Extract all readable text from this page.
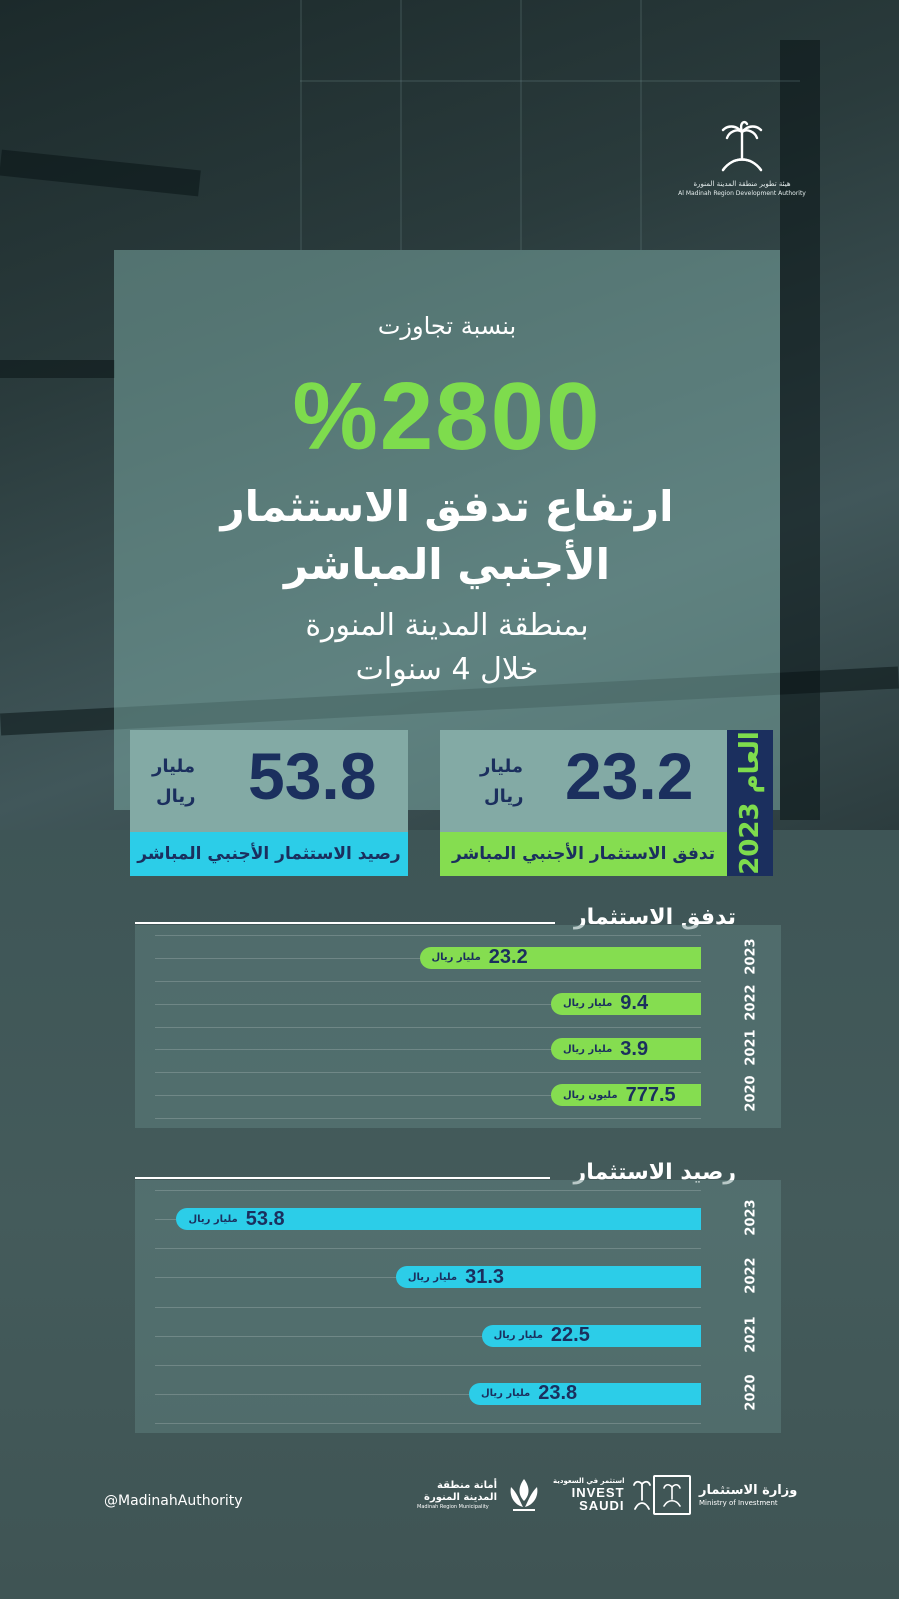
هيئة تطوير منطقة المدينة المنورة
Al Madinah Region Development Authority
بنسبة تجاوزت
%2800
ارتفاع تدفق الاستثمار
الأجنبي المباشر
بمنطقة المدينة المنورة
خلال 4 سنوات
23.2
مليار
ريال
تدفق الاستثمار الأجنبي المباشر العام 2023
53.8
مليار
ريال
رصيد الاستثمار الأجنبي المباشر
تدفق الاستثمار
مليار ريال 23.2	2023
مليار ريال 9.4	2022
مليار ريال 3.9	2021
مليون ريال 777.5	2020
رصيد الاستثمار
مليار ريال 53.8	2023
مليار ريال 31.3	2022
مليار ريال 22.5	2021
مليار ريال 23.8	2020
@MadinahAuthority
أمانة منطقة المدينة المنورة
Madinah Region Municipality
استثمر في السعودية
INVEST
SAUDI
وزارة الاستثمار
Ministry of Investment
